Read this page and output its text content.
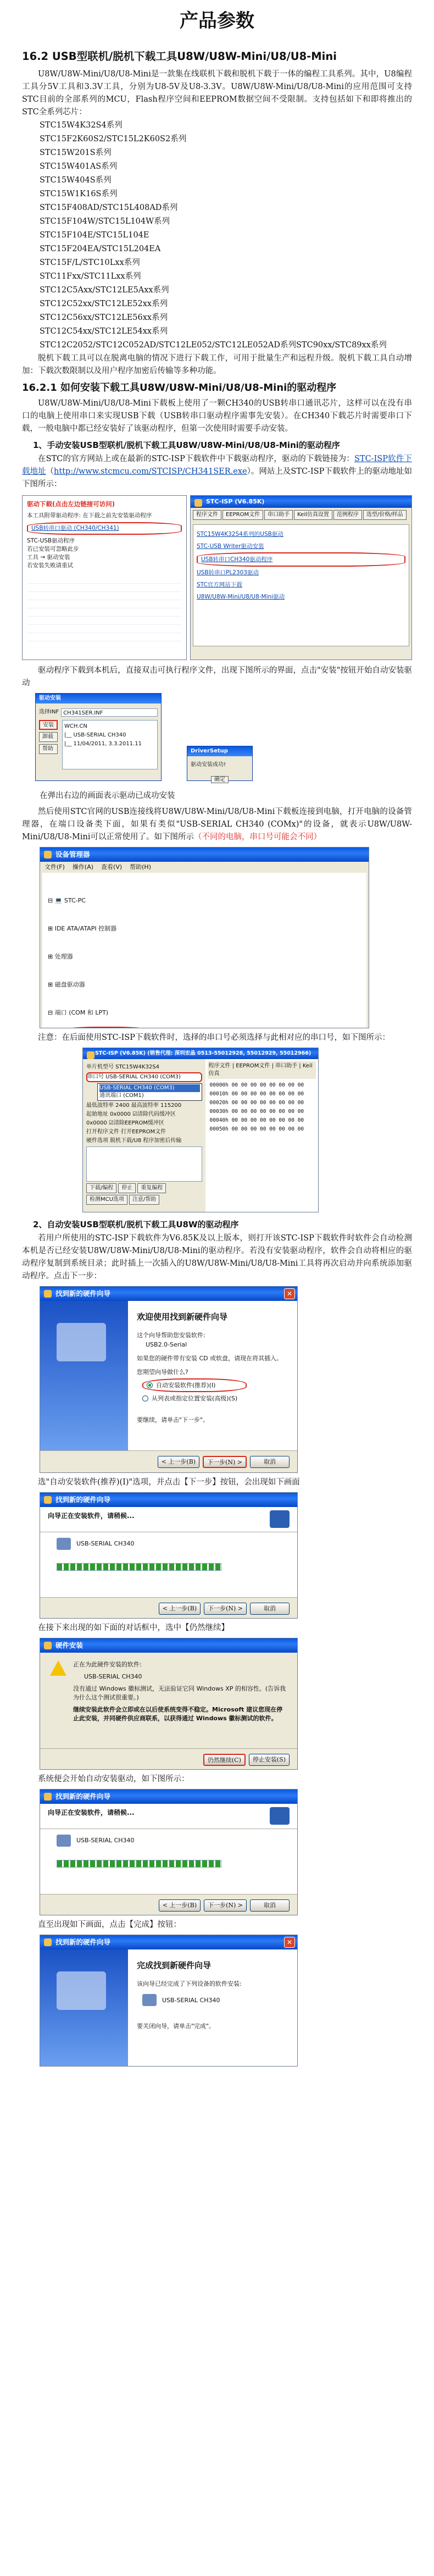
产品参数
16.2 USB型联机/脱机下载工具U8W/U8W-Mini/U8/U8-Mini

U8W/U8W-Mini/U8/U8-Mini是一款集在线联机下载和脱机下载于一体的编程工具系列。其中，U8编程工具分5V工具和3.3V工具，分别为U8-5V及U8-3.3V。U8W/U8W-Mini/U8/U8-Mini的应用范围可支持STC目前的全部系列的MCU，Flash程序空间和EEPROM数据空间不受限制。支持包括如下和即将推出的STC全系列芯片：

STC15W4K32S4系列
STC15F2K60S2/STC15L2K60S2系列
STC15W201S系列
STC15W401AS系列
STC15W404S系列
STC15W1K16S系列
STC15F408AD/STC15L408AD系列
STC15F104W/STC15L104W系列
STC15F104E/STC15L104E
STC15F204EA/STC15L204EA
STC15F/L/STC10Lxx系列
STC11Fxx/STC11Lxx系列
STC12C5Axx/STC12LE5Axx系列
STC12C52xx/STC12LE52xx系列
STC12C56xx/STC12LE56xx系列
STC12C54xx/STC12LE54xx系列
STC12C2052/STC12C052AD/STC12LE052/STC12LE052AD系列STC90xx/STC89xx系列

脱机下载工具可以在脱离电脑的情况下进行下载工作，可用于批量生产和远程升级。脱机下载工具自动增加：下载次数限制以及用户程序加密后传输等多种功能。

16.2.1 如何安装下载工具U8W/U8W-Mini/U8/U8-Mini的驱动程序

U8W/U8W-Mini/U8/U8-Mini下载板上使用了一颗CH340的USB转串口通讯芯片，这样可以在没有串口的电脑上使用串口来实现USB下载（USB转串口驱动程序需事先安装）。在CH340下载芯片时需要串口下载，一般电脑中都已经安装好了该驱动程序，但第一次使用时需要手动安装。

1、手动安装USB型联机/脱机下载工具U8W/U8W-Mini/U8/U8-Mini的驱动程序

在STC的官方网站上或在最新的STC-ISP下载软件中下载驱动程序，驱动的下载链接为：STC-ISP软件下载地址（http://www.stcmcu.com/STCISP/CH341SER.exe）。网站上及STC-ISP下载软件上的驱动地址如下图所示：

驱动下载(点击左边链接可访问)
本工具附带驱动程序: 在下载之前先安装驱动程序
USB转串口驱动 (CH340/CH341)
STC-USB驱动程序
若已安装可忽略此步
工具 → 驱动安装
若安装失败请重试
STC-ISP (V6.85K)
程序文件	EEPROM文件	串口助手	Keil仿真设置	范例程序	选型/价格/样品
STC15W4K32S4系列的USB驱动
STC-USB Writer驱动安装
USB转串口CH340驱动程序
USB转串口PL2303驱动
STC官方网站下载
U8W/U8W-Mini/U8/U8-Mini驱动

驱动程序下载到本机后，直接双击可执行程序文件，出现下图所示的界面，点击"安装"按钮开始自动安装驱动

驱动安装
选择INF CH341SER.INF
安装
卸载
帮助
WCH.CN
|__ USB-SERIAL CH340
|__ 11/04/2011, 3.3.2011.11
DriverSetup
驱动安装成功!
确定

在弹出右边的画面表示驱动已成功安装

然后使用STC官网的USB连接线将U8W/U8W-Mini/U8/U8-Mini下载板连接到电脑，打开电脑的设备管理器，在端口设备类下面，如果有类似"USB-SERIAL CH340 (COMx)"的设备，就表示U8W/U8W-Mini/U8/U8-Mini可以正常使用了。如下图所示（不同的电脑，串口号可能会不同）

设备管理器
文件(F) 操作(A) 查看(V) 帮助(H)

⊟ 💻 STC-PC

⊞ IDE ATA/ATAPI 控制器

⊞ 处理器

⊞ 磁盘驱动器

⊟ 端口 (COM 和 LPT)

注意：在后面使用STC-ISP下载软件时，选择的串口号必须选择与此相对应的串口号，如下图所示：

STC-ISP (V6.85K) (销售代理: 深圳宏晶 0513-55012928, 55012929, 55012966)
单片机型号 STC15W4K32S4
串口号 USB-SERIAL CH340 (COM3)
USB-SERIAL CH340 (COM3)
通讯端口 (COM1)
最低波特率 2400 最高波特率 115200
起始地址 0x0000 ☑清除代码缓冲区
0x0000 ☑清除EEPROM缓冲区
打开程序文件 打开EEPROM文件
硬件选项 脱机下载/U8 程序加密后传输
下载/编程	停止	重复编程
检测MCU选项	注意/帮助
程序文件 | EEPROM文件 | 串口助手 | Keil仿真
00000h 00 00 00 00 00 00 00 00
00010h 00 00 00 00 00 00 00 00
00020h 00 00 00 00 00 00 00 00
00030h 00 00 00 00 00 00 00 00
00040h 00 00 00 00 00 00 00 00
00050h 00 00 00 00 00 00 00 00
2、自动安装USB型联机/脱机下载工具U8W的驱动程序

若用户所使用的STC-ISP下载软件为V6.85K及以上版本，则打开该STC-ISP下载软件时软件会自动检测本机是否已经安装U8W/U8W-Mini/U8/U8-Mini的驱动程序。若没有安装驱动程序，软件会自动将相应的驱动程序复制到系统目录；此时插上一次插入的U8W/U8W-Mini/U8/U8-Mini工具将再次启动并向系统添加驱动程序。点击下一步：

找到新的硬件向导	✕
欢迎使用找到新硬件向导
这个向导帮助您安装软件:
USB2.0-Serial
如果您的硬件带有安装 CD 或软盘，请现在将其插入。
您期望向导做什么?
自动安装软件(推荐)(I)
从列表或指定位置安装(高级)(S)
要继续，请单击"下一步"。
< 上一步(B)	下一步(N) >	取消

选"自动安装软件(推荐)(I)"选项，并点击【下一步】按钮，会出现如下画面

找到新的硬件向导
向导正在安装软件，请稍候...
USB-SERIAL CH340
< 上一步(B)	下一步(N) >	取消

在接下来出现的如下面的对话框中，选中【仍然继续】

硬件安装
正在为此硬件安装的软件:
USB-SERIAL CH340
没有通过 Windows 徽标测试，无法验证它同 Windows XP 的相容性。(告诉我为什么这个测试很重要。)
继续安装此软件会立即或在以后使系统变得不稳定。Microsoft 建议您现在停止此安装，并同硬件供应商联系，以获得通过 Windows 徽标测试的软件。
仍然继续(C)	停止安装(S)

系统便会开始自动安装驱动，如下图所示：

找到新的硬件向导
向导正在安装软件，请稍候...
USB-SERIAL CH340
< 上一步(B)	下一步(N) >	取消

直至出现如下画面，点击【完成】按钮：

找到新的硬件向导	✕
完成找到新硬件向导
该向导已经完成了下列设备的软件安装:
USB-SERIAL CH340
要关闭向导，请单击"完成"。
